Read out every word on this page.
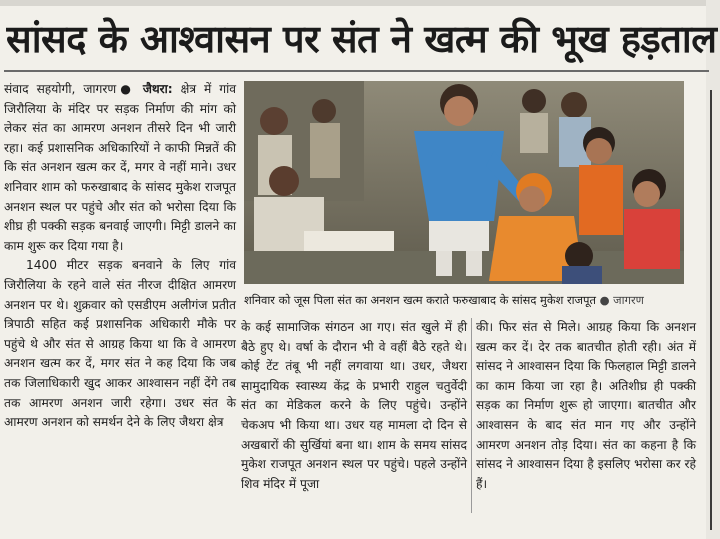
सांसद के आश्वासन पर संत ने खत्म की भूख हड़ताल

संवाद सहयोगी, जागरण● जैथरा: क्षेत्र में गांव जिरौलिया के मंदिर पर सड़क निर्माण की मांग को लेकर संत का आमरण अनशन तीसरे दिन भी जारी रहा। कई प्रशासनिक अधिकारियों ने काफी मिन्नतें की कि संत अनशन खत्म कर दें, मगर वे नहीं माने। उधर शनिवार शाम को फरुखाबाद के सांसद मुकेश राजपूत अनशन स्थल पर पहुंचे और संत को भरोसा दिया कि शीघ्र ही पक्की सड़क बनवाई जाएगी। मिट्टी डालने का काम शुरू कर दिया गया है।

1400 मीटर सड़क बनवाने के लिए गांव जिरौलिया के रहने वाले संत नीरज दीक्षित आमरण अनशन पर थे। शुक्रवार को एसडीएम अलीगंज प्रतीत त्रिपाठी सहित कई प्रशासनिक अधिकारी मौके पर पहुंचे थे और संत से आग्रह किया था कि वे आमरण अनशन खत्म कर दें, मगर संत ने कह दिया कि जब तक जिलाधिकारी खुद आकर आश्वासन नहीं देंगे तब तक आमरण अनशन जारी रहेगा। उधर संत के आमरण अनशन को समर्थन देने के लिए जैथरा क्षेत्र

शनिवार को जूस पिला संत का अनशन खत्म कराते फरुखाबाद के सांसद मुकेश राजपूत ● जागरण

के कई सामाजिक संगठन आ गए। संत खुले में ही बैठे हुए थे। वर्षा के दौरान भी वे वहीं बैठे रहते थे। कोई टेंट तंबू भी नहीं लगवाया था। उधर, जैथरा सामुदायिक स्वास्थ्य केंद्र के प्रभारी राहुल चतुर्वेदी संत का मेडिकल करने के लिए पहुंचे। उन्होंने चेकअप भी किया था। उधर यह मामला दो दिन से अखबारों की सुर्खियां बना था। शाम के समय सांसद मुकेश राजपूत अनशन स्थल पर पहुंचे। पहले उन्होंने शिव मंदिर में पूजा

की। फिर संत से मिले। आग्रह किया कि अनशन खत्म कर दें। देर तक बातचीत होती रही। अंत में सांसद ने आश्वासन दिया कि फिलहाल मिट्टी डालने का काम किया जा रहा है। अतिशीघ्र ही पक्की सड़क का निर्माण शुरू हो जाएगा। बातचीत और आश्वासन के बाद संत मान गए और उन्होंने आमरण अनशन तोड़ दिया। संत का कहना है कि सांसद ने आश्वासन दिया है इसलिए भरोसा कर रहे हैं।
